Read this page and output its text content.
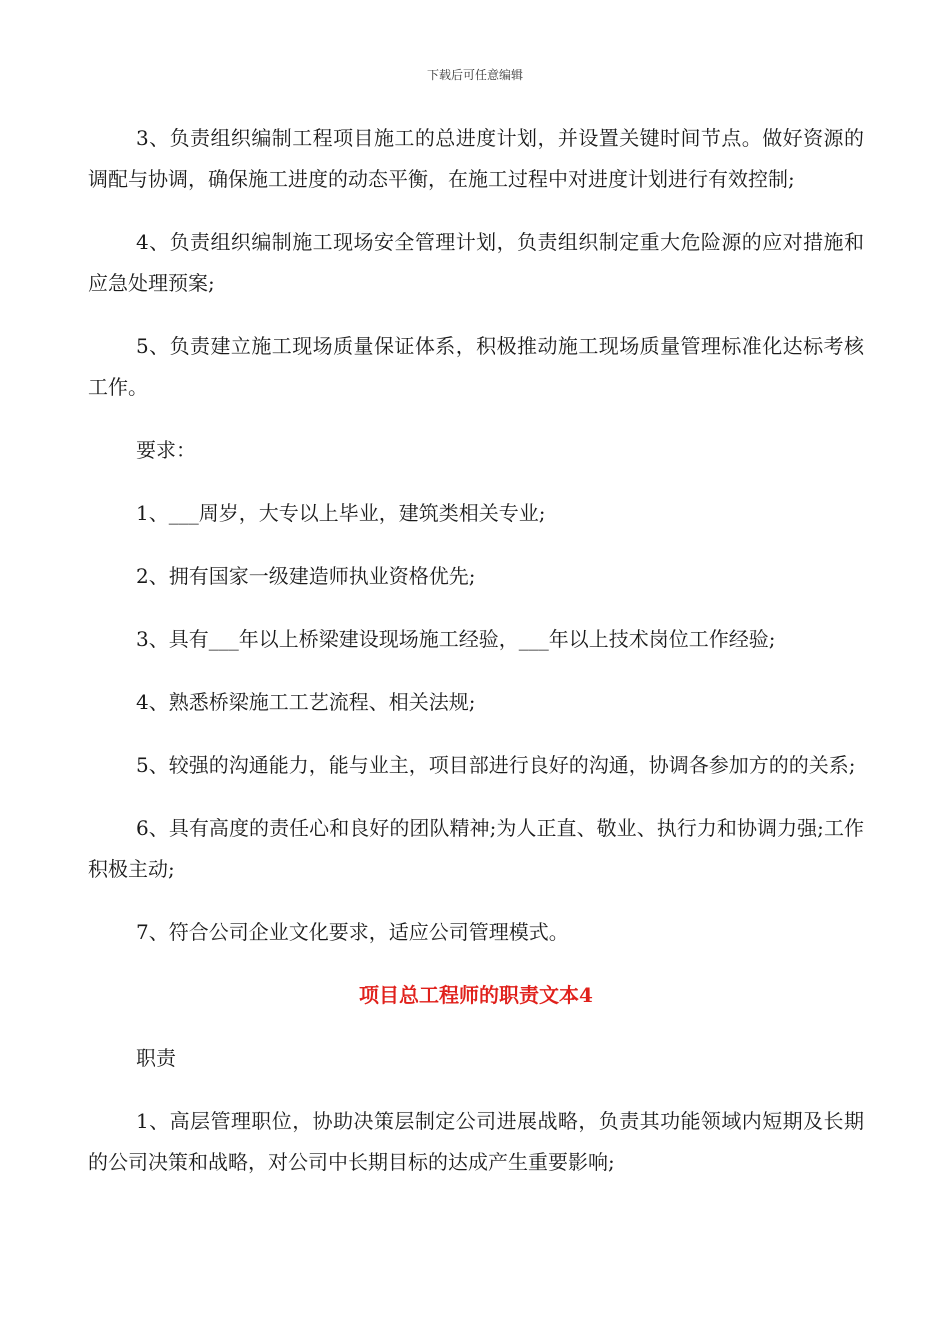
下载后可任意编辑

3、负责组织编制工程项目施工的总进度计划，并设置关键时间节点。做好资源的调配与协调，确保施工进度的动态平衡，在施工过程中对进度计划进行有效控制;

4、负责组织编制施工现场安全管理计划，负责组织制定重大危险源的应对措施和应急处理预案;

5、负责建立施工现场质量保证体系，积极推动施工现场质量管理标准化达标考核工作。

要求：

1、___周岁，大专以上毕业，建筑类相关专业;

2、拥有国家一级建造师执业资格优先;

3、具有___年以上桥梁建设现场施工经验，___年以上技术岗位工作经验;

4、熟悉桥梁施工工艺流程、相关法规;

5、较强的沟通能力，能与业主，项目部进行良好的沟通，协调各参加方的的关系;

6、具有高度的责任心和良好的团队精神;为人正直、敬业、执行力和协调力强;工作积极主动;

7、符合公司企业文化要求，适应公司管理模式。

项目总工程师的职责文本4

职责

1、高层管理职位，协助决策层制定公司进展战略，负责其功能领域内短期及长期的公司决策和战略，对公司中长期目标的达成产生重要影响;
